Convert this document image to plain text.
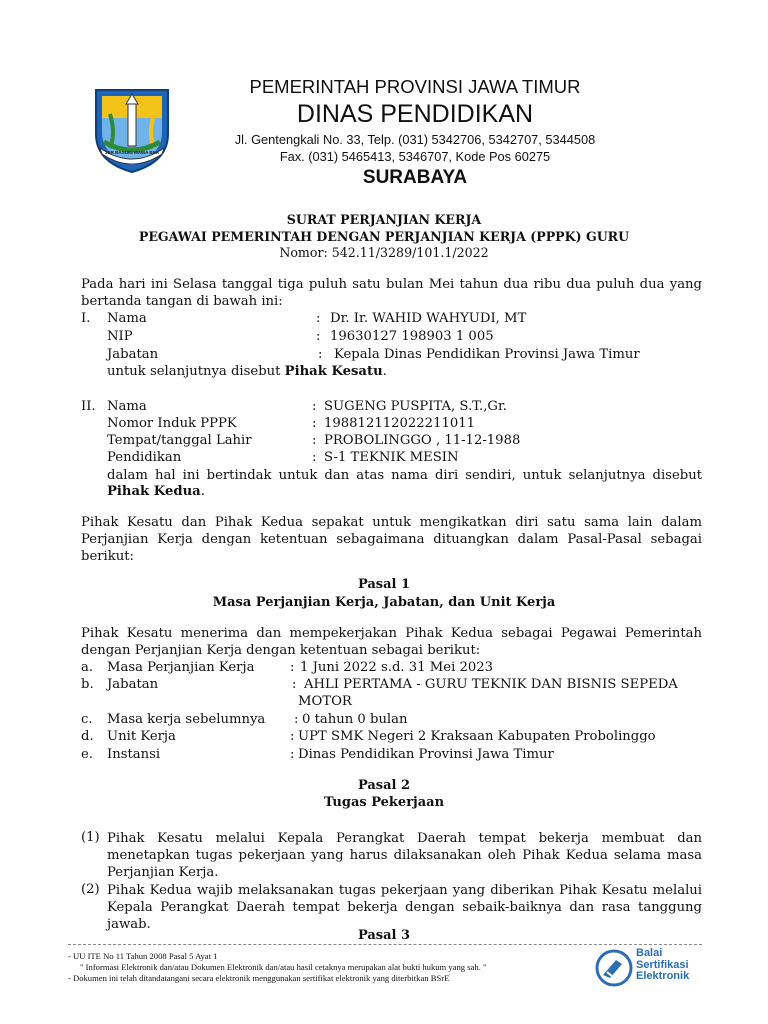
JER BASUKI MAWA BEA
PEMERINTAH PROVINSI JAWA TIMUR
DINAS PENDIDIKAN
Jl. Gentengkali No. 33, Telp. (031) 5342706, 5342707, 5344508
Fax. (031) 5465413, 5346707, Kode Pos 60275
SURABAYA
SURAT PERJANJIAN KERJA
PEGAWAI PEMERINTAH DENGAN PERJANJIAN KERJA (PPPK) GURU
Nomor: 542.11/3289/101.1/2022
Pada hari ini Selasa tanggal tiga puluh satu bulan Mei tahun dua ribu dua puluh dua yang
bertanda tangan di bawah ini:
I. Nama	: Dr. Ir. WAHID WAHYUDI, MT
NIP	: 19630127 198903 1 005
Jabatan	: Kepala Dinas Pendidikan Provinsi Jawa Timur
untuk selanjutnya disebut Pihak Kesatu.
II. Nama	: SUGENG PUSPITA, S.T.,Gr.
Nomor Induk PPPK	: 198812112022211011
Tempat/tanggal Lahir	: PROBOLINGGO , 11-12-1988
Pendidikan	: S-1 TEKNIK MESIN
dalam hal ini bertindak untuk dan atas nama diri sendiri, untuk selanjutnya disebut
Pihak Kedua.
Pihak Kesatu dan Pihak Kedua sepakat untuk mengikatkan diri satu sama lain dalam
Perjanjian Kerja dengan ketentuan sebagaimana dituangkan dalam Pasal-Pasal sebagai
berikut:
Pasal 1
Masa Perjanjian Kerja, Jabatan, dan Unit Kerja
Pihak Kesatu menerima dan mempekerjakan Pihak Kedua sebagai Pegawai Pemerintah
dengan Perjanjian Kerja dengan ketentuan sebagai berikut:
a. Masa Perjanjian Kerja	: 1 Juni 2022 s.d. 31 Mei 2023
b. Jabatan	: AHLI PERTAMA - GURU TEKNIK DAN BISNIS SEPEDA
MOTOR
c. Masa kerja sebelumnya : 0 tahun 0 bulan
d. Unit Kerja	: UPT SMK Negeri 2 Kraksaan Kabupaten Probolinggo
e. Instansi	: Dinas Pendidikan Provinsi Jawa Timur
Pasal 2
Tugas Pekerjaan
(1) Pihak Kesatu melalui Kepala Perangkat Daerah tempat bekerja membuat dan
menetapkan tugas pekerjaan yang harus dilaksanakan oleh Pihak Kedua selama masa
Perjanjian Kerja.
(2) Pihak Kedua wajib melaksanakan tugas pekerjaan yang diberikan Pihak Kesatu melalui
Kepala Perangkat Daerah tempat bekerja dengan sebaik-baiknya dan rasa tanggung
jawab.
Pasal 3
- UU ITE No 11 Tahun 2008 Pasal 5 Ayat 1
" Informasi Elektronik dan/atau Dokumen Elektronik dan/atau hasil cetaknya merupakan alat bukti hukum yang sah. "
- Dokumen ini telah ditandatangani secara elektronik menggunakan sertifikat elektronik yang diterbitkan BSrE
Balai
Sertifikasi
Elektronik
